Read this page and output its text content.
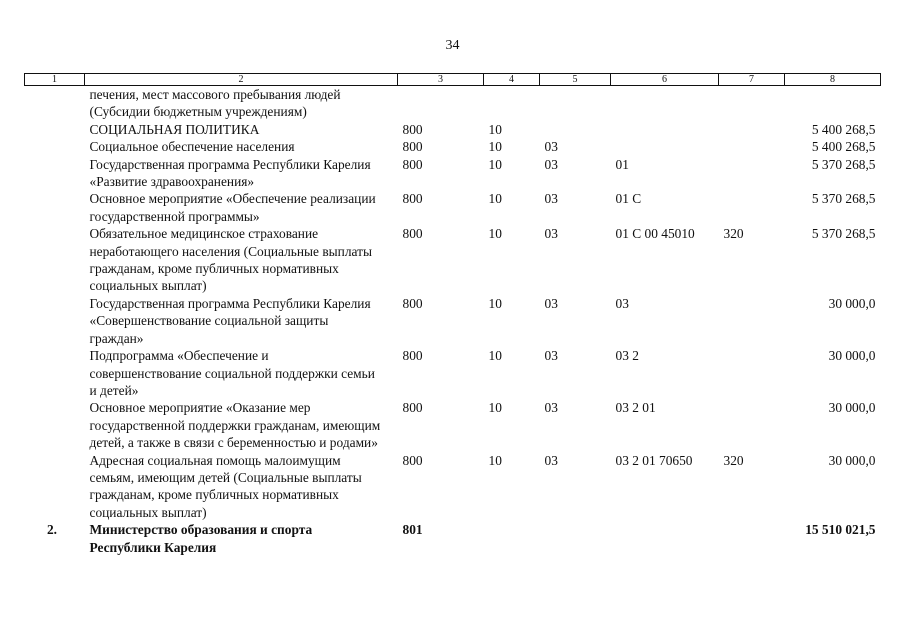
34
1	2	3	4	5	6	7	8
	печения, мест массового пребывания людей (Субсидии бюджетным учреждениям)						
	СОЦИАЛЬНАЯ ПОЛИТИКА	800	10				5 400 268,5
	Социальное обеспечение населения	800	10	03			5 400 268,5
	Государственная программа Республики Карелия «Развитие здравоохранения»	800	10	03	01		5 370 268,5
	Основное мероприятие «Обеспечение реализации государственной программы»	800	10	03	01 С		5 370 268,5
	Обязательное медицинское страхование неработающего населения (Социальные выплаты гражданам, кроме публичных нормативных социальных выплат)	800	10	03	01 С 00 45010	320	5 370 268,5
	Государственная программа Республики Карелия «Совершенствование социальной защиты граждан»	800	10	03	03		30 000,0
	Подпрограмма «Обеспечение и совершенствование социальной поддержки семьи и детей»	800	10	03	03 2		30 000,0
	Основное мероприятие «Оказание мер государственной поддержки гражданам, имеющим детей, а также в связи с беременностью и родами»	800	10	03	03 2 01		30 000,0
	Адресная социальная помощь малоимущим семьям, имеющим детей (Социальные выплаты гражданам, кроме публичных нормативных социальных выплат)	800	10	03	03 2 01 70650	320	30 000,0
2.	Министерство образования и спорта Республики Карелия	801					15 510 021,5
